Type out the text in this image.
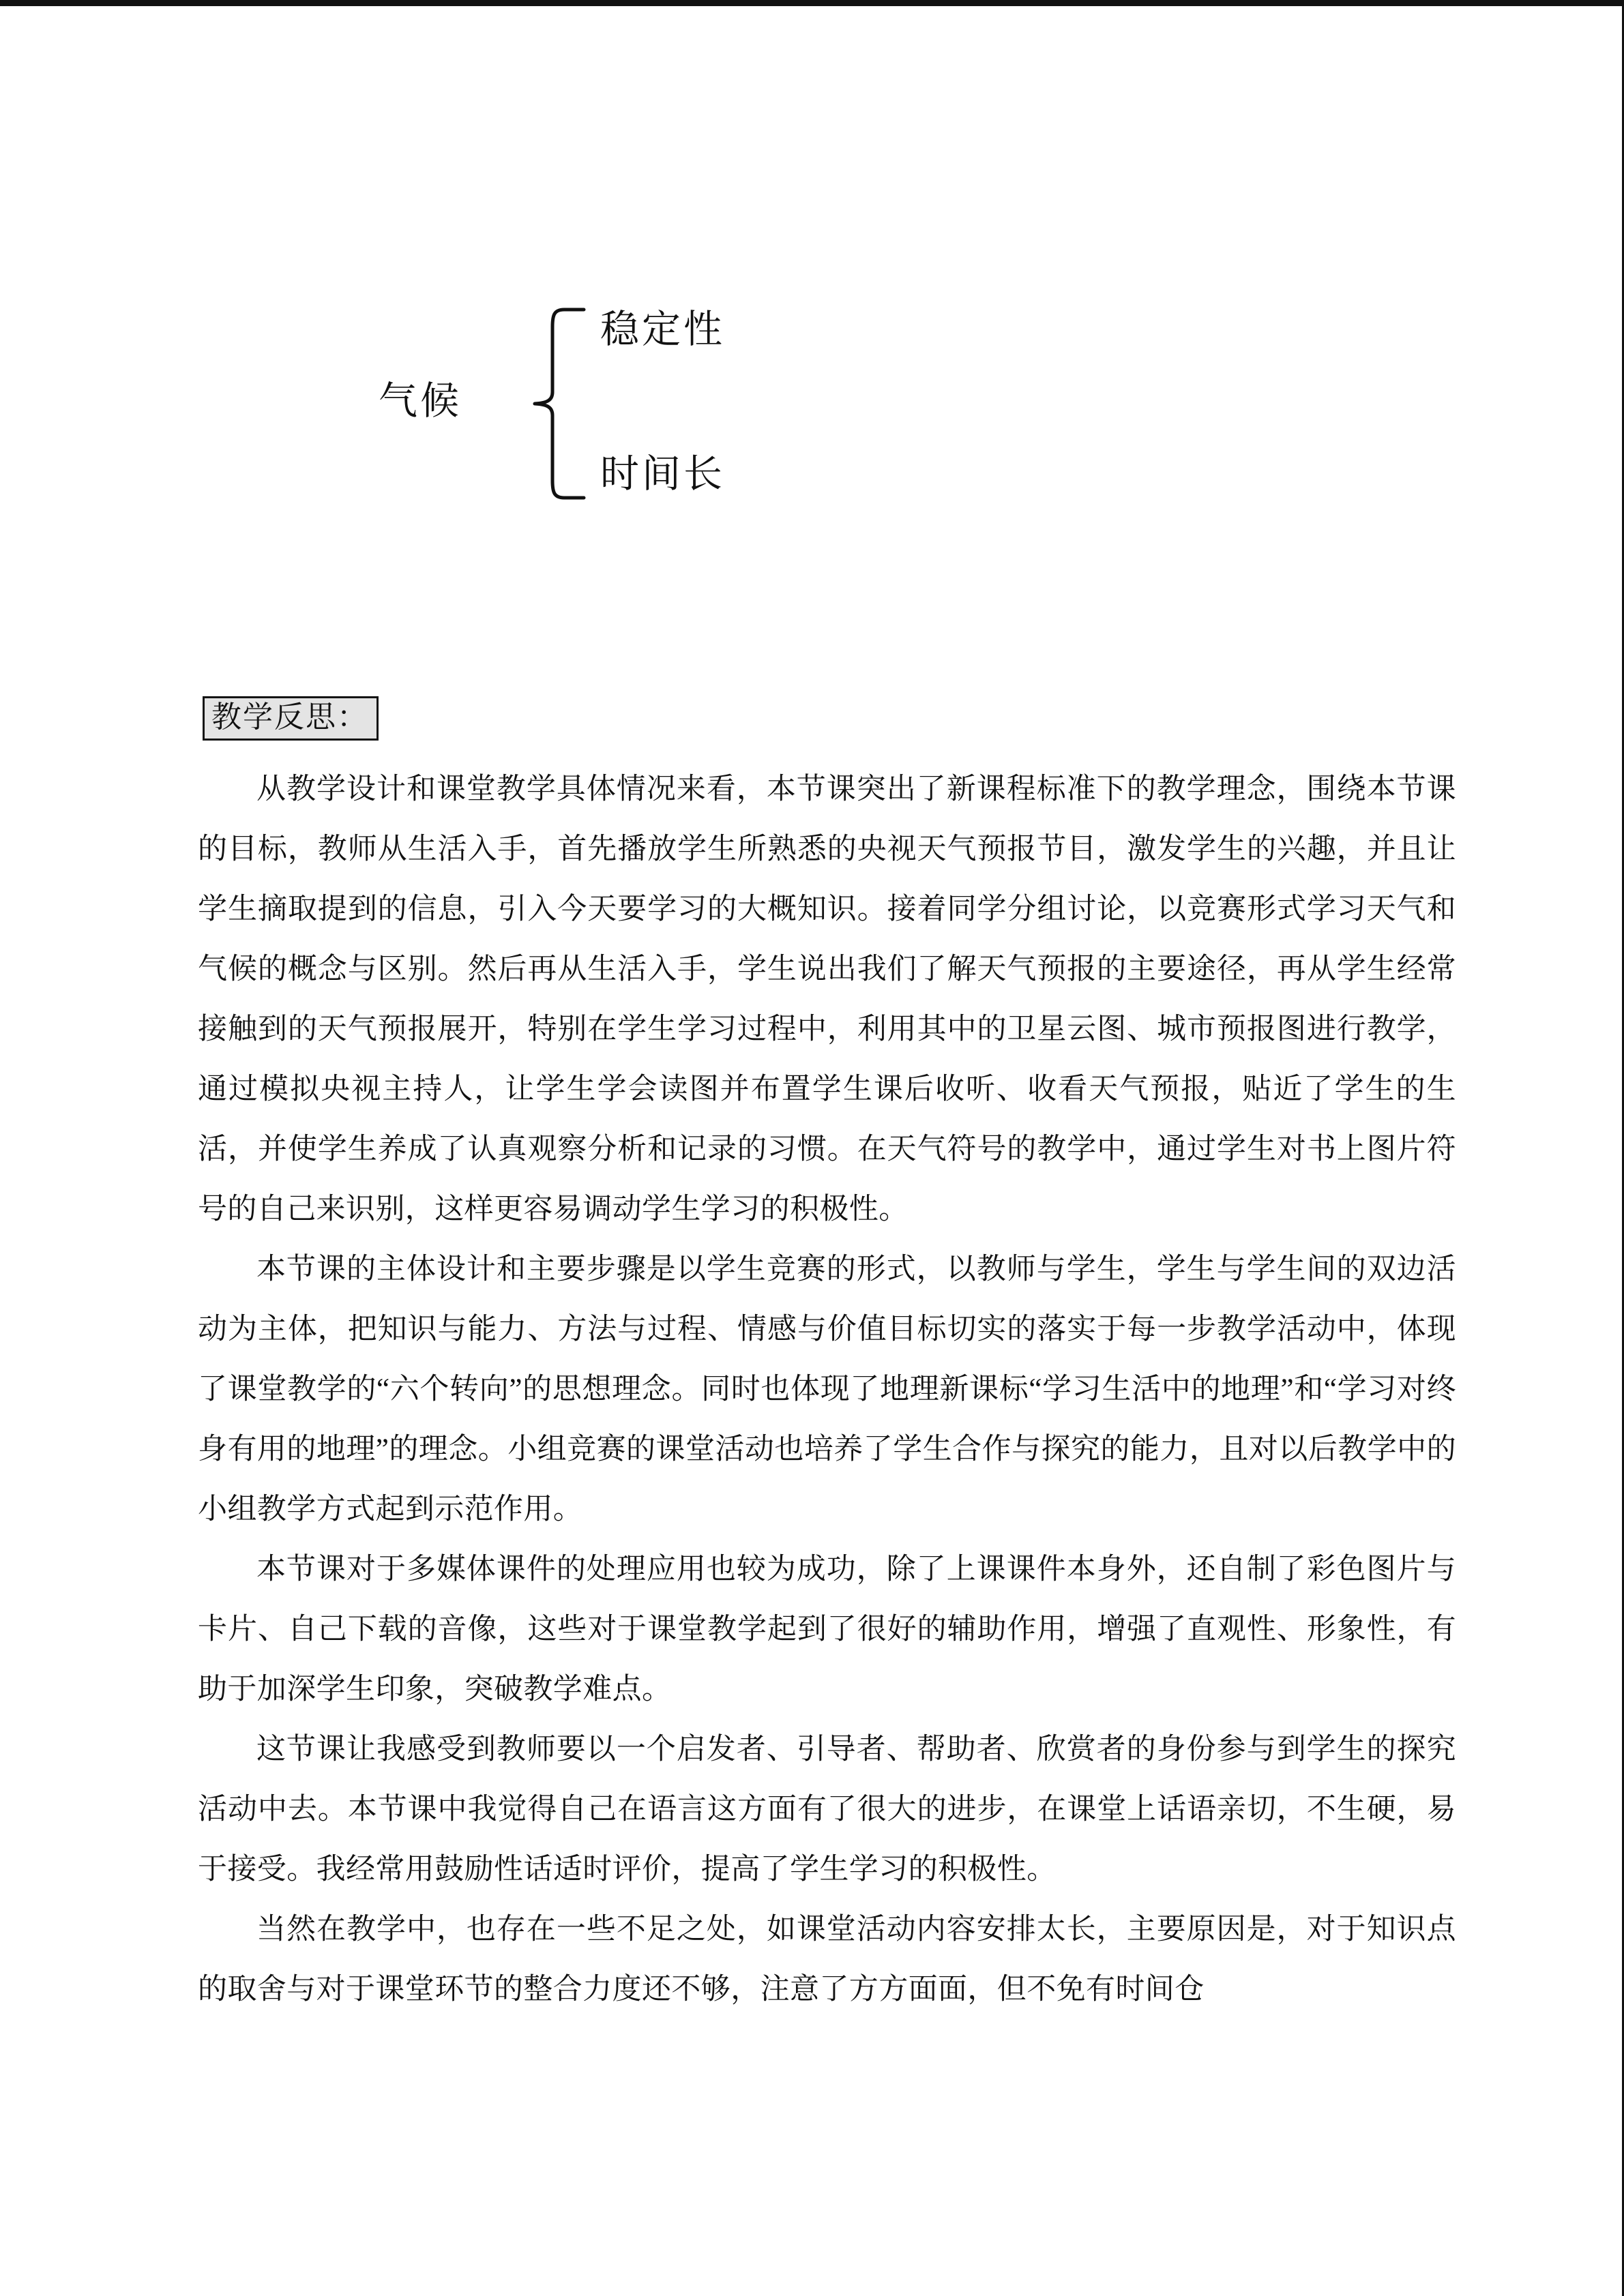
气候
稳定性
时间长
教学反思：

从教学设计和课堂教学具体情况来看，本节课突出了新课程标准下的教学理念，围绕本节课的目标，教师从生活入手，首先播放学生所熟悉的央视天气预报节目，激发学生的兴趣，并且让学生摘取提到的信息，引入今天要学习的大概知识。接着同学分组讨论，以竞赛形式学习天气和气候的概念与区别。然后再从生活入手，学生说出我们了解天气预报的主要途径，再从学生经常接触到的天气预报展开，特别在学生学习过程中，利用其中的卫星云图、城市预报图进行教学，通过模拟央视主持人，让学生学会读图并布置学生课后收听、收看天气预报，贴近了学生的生活，并使学生养成了认真观察分析和记录的习惯。在天气符号的教学中，通过学生对书上图片符号的自己来识别，这样更容易调动学生学习的积极性。

本节课的主体设计和主要步骤是以学生竞赛的形式，以教师与学生，学生与学生间的双边活动为主体，把知识与能力、方法与过程、情感与价值目标切实的落实于每一步教学活动中，体现了课堂教学的“六个转向”的思想理念。同时也体现了地理新课标“学习生活中的地理”和“学习对终身有用的地理”的理念。小组竞赛的课堂活动也培养了学生合作与探究的能力，且对以后教学中的小组教学方式起到示范作用。

本节课对于多媒体课件的处理应用也较为成功，除了上课课件本身外，还自制了彩色图片与卡片、自己下载的音像，这些对于课堂教学起到了很好的辅助作用，增强了直观性、形象性，有助于加深学生印象，突破教学难点。

这节课让我感受到教师要以一个启发者、引导者、帮助者、欣赏者的身份参与到学生的探究活动中去。本节课中我觉得自己在语言这方面有了很大的进步，在课堂上话语亲切，不生硬，易于接受。我经常用鼓励性话适时评价，提高了学生学习的积极性。

当然在教学中，也存在一些不足之处，如课堂活动内容安排太长，主要原因是，对于知识点的取舍与对于课堂环节的整合力度还不够，注意了方方面面，但不免有时间仓
